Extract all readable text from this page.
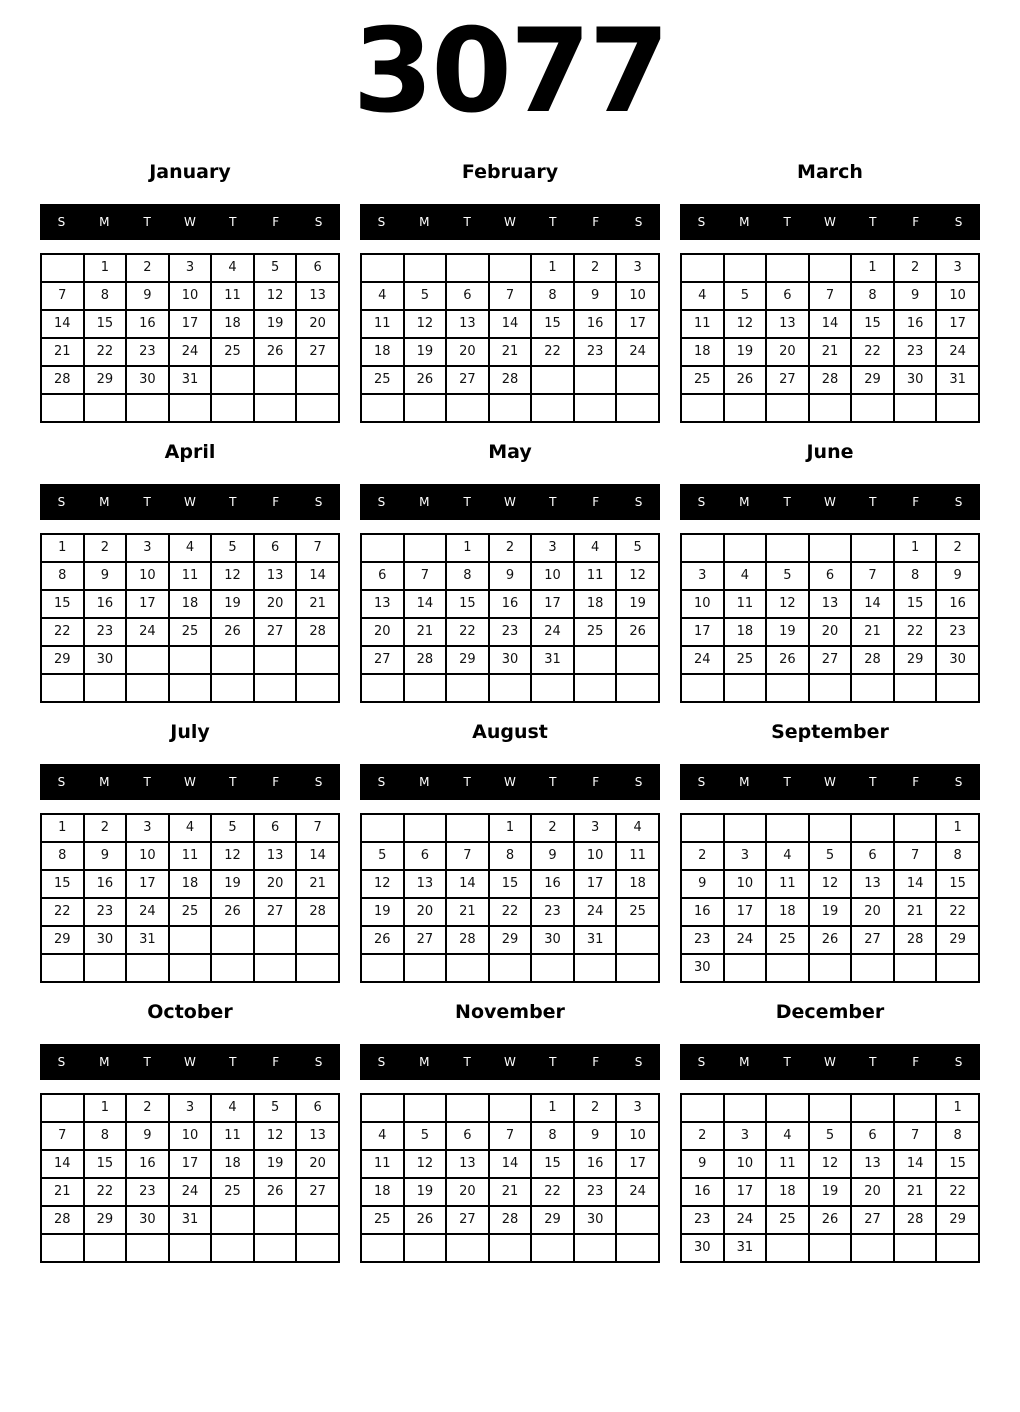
3077
January
S	M	T	W	T	F	S
	1	2	3	4	5	6
7	8	9	10	11	12	13
14	15	16	17	18	19	20
21	22	23	24	25	26	27
28	29	30	31			

February
S	M	T	W	T	F	S
				1	2	3
4	5	6	7	8	9	10
11	12	13	14	15	16	17
18	19	20	21	22	23	24
25	26	27	28			

March
S	M	T	W	T	F	S
				1	2	3
4	5	6	7	8	9	10
11	12	13	14	15	16	17
18	19	20	21	22	23	24
25	26	27	28	29	30	31

April
S	M	T	W	T	F	S
1	2	3	4	5	6	7
8	9	10	11	12	13	14
15	16	17	18	19	20	21
22	23	24	25	26	27	28
29	30					

May
S	M	T	W	T	F	S
		1	2	3	4	5
6	7	8	9	10	11	12
13	14	15	16	17	18	19
20	21	22	23	24	25	26
27	28	29	30	31		

June
S	M	T	W	T	F	S
					1	2
3	4	5	6	7	8	9
10	11	12	13	14	15	16
17	18	19	20	21	22	23
24	25	26	27	28	29	30

July
S	M	T	W	T	F	S
1	2	3	4	5	6	7
8	9	10	11	12	13	14
15	16	17	18	19	20	21
22	23	24	25	26	27	28
29	30	31				

August
S	M	T	W	T	F	S
			1	2	3	4
5	6	7	8	9	10	11
12	13	14	15	16	17	18
19	20	21	22	23	24	25
26	27	28	29	30	31	

September
S	M	T	W	T	F	S
						1
2	3	4	5	6	7	8
9	10	11	12	13	14	15
16	17	18	19	20	21	22
23	24	25	26	27	28	29
30						
October
S	M	T	W	T	F	S
	1	2	3	4	5	6
7	8	9	10	11	12	13
14	15	16	17	18	19	20
21	22	23	24	25	26	27
28	29	30	31			

November
S	M	T	W	T	F	S
				1	2	3
4	5	6	7	8	9	10
11	12	13	14	15	16	17
18	19	20	21	22	23	24
25	26	27	28	29	30	

December
S	M	T	W	T	F	S
						1
2	3	4	5	6	7	8
9	10	11	12	13	14	15
16	17	18	19	20	21	22
23	24	25	26	27	28	29
30	31					
